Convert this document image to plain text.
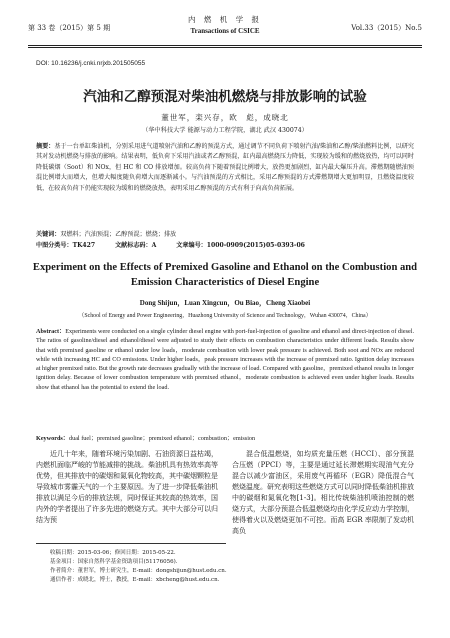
第 33 卷（2015）第 5 期
内 燃 机 学 报
Transactions of CSICE	Vol.33（2015）No.5
DOI: 10.16236/j.cnki.nrjxb.201505055
汽油和乙醇预混对柴油机燃烧与排放影响的试验
董世军，栾兴存，欧　彪，成晓北
（华中科技大学 能源与动力工程学院，湖北 武汉 430074）
摘要：基于一台单缸柴油机，分别采用进气道喷射汽油和乙醇的预混方式，通过调节不同负荷下喷射汽油/柴油和乙醇/柴油燃料比例，以研究其对发动机燃烧与排放的影响。结果表明，低负荷下采用汽油或者乙醇预混，缸内最高燃烧压力降低，实现较为缓和的燃烧放热，均可以同时降低碳烟（Soot）和 NOx，但 HC 和 CO 排放增加。较高负荷下随着预混比例增大，放热更加剧烈，缸内最大爆压升高。滞燃期随燃油预混比例增大而增大，但增大幅度随负荷增大而逐渐减小。与汽油预混的方式相比，采用乙醇预混的方式滞燃期增大更加明显，且燃烧温度较低，在较高负荷下仍能实现较为缓和的燃烧放热，表明采用乙醇预混的方式有利于向高负荷拓展。
关键词：双燃料；汽油预混；乙醇预混；燃烧；排放
中图分类号：TK427	文献标志码：A	文章编号：1000-0909(2015)05-0393-06
Experiment on the Effects of Premixed Gasoline and Ethanol on the Combustion and Emission Characteristics of Diesel Engine
Dong Shijun，Luan Xingcun，Ou Biao，Cheng Xiaobei
（School of Energy and Power Engineering，Huazhong University of Science and Technology，Wuhan 430074，China）
Abstract：Experiments were conducted on a single cylinder diesel engine with port-fuel-injection of gasoline and ethanol and direct-injection of diesel. The ratios of gasoline/diesel and ethanol/diesel were adjusted to study their effects on combustion characteristics under different loads. Results show that with premixed gasoline or ethanol under low loads，moderate combustion with lower peak pressure is achieved. Both soot and NOx are reduced while with increasing HC and CO emissions. Under higher loads，peak pressure increases with the increase of premixed ratio. Ignition delay increases at higher premixed ratio. But the growth rate decreases gradually with the increase of load. Compared with gasoline，premixed ethanol results in longer ignition delay. Because of lower combustion temperature with premixed ethanol，moderate combustion is achieved even under higher loads. Results show that ethanol has the potential to extend the load.
Keywords：dual fuel；premixed gasoline；premixed ethanol；combustion；emission

近几十年来，随着环境污染加剧、石油资源日益枯竭，内燃机面临严峻的节能减排的挑战。柴油机具有热效率高等优势，但其排放中的碳烟和氮氧化物较高，其中碳烟颗粒是导致城市雾霾天气的一个主要原因。为了进一步降低柴油机排放以满足今后的排放法规，同时保证其较高的热效率，国内外的学者提出了许多先进的燃烧方式。其中大部分可以归结为预

混合低温燃烧，如均质充量压燃（HCCI）、部分预混合压燃（PPCI）等，主要是通过延长滞燃期实现油气充分混合以减少富油区，采用废气再循环（EGR）降低混合气燃烧温度。研究表明这些燃烧方式可以同时降低柴油机排放中的碳烟和氮氧化物[1-3]。相比传统柴油机喷油控制的燃烧方式，大部分预混合低温燃烧均由化学反应动力学控制，使得着火以及燃烧更加不可控。而高 EGR 率限制了发动机高负

收稿日期：2015-03-06；修回日期：2015-05-22.
基金项目：国家自然科学基金资助项目(51176056).
作者简介：董世军，博士研究生，E-mail：dongshijun@hust.edu.cn.
通信作者：成晓北，博士，教授，E-mail：xbcheng@hust.edu.cn.
